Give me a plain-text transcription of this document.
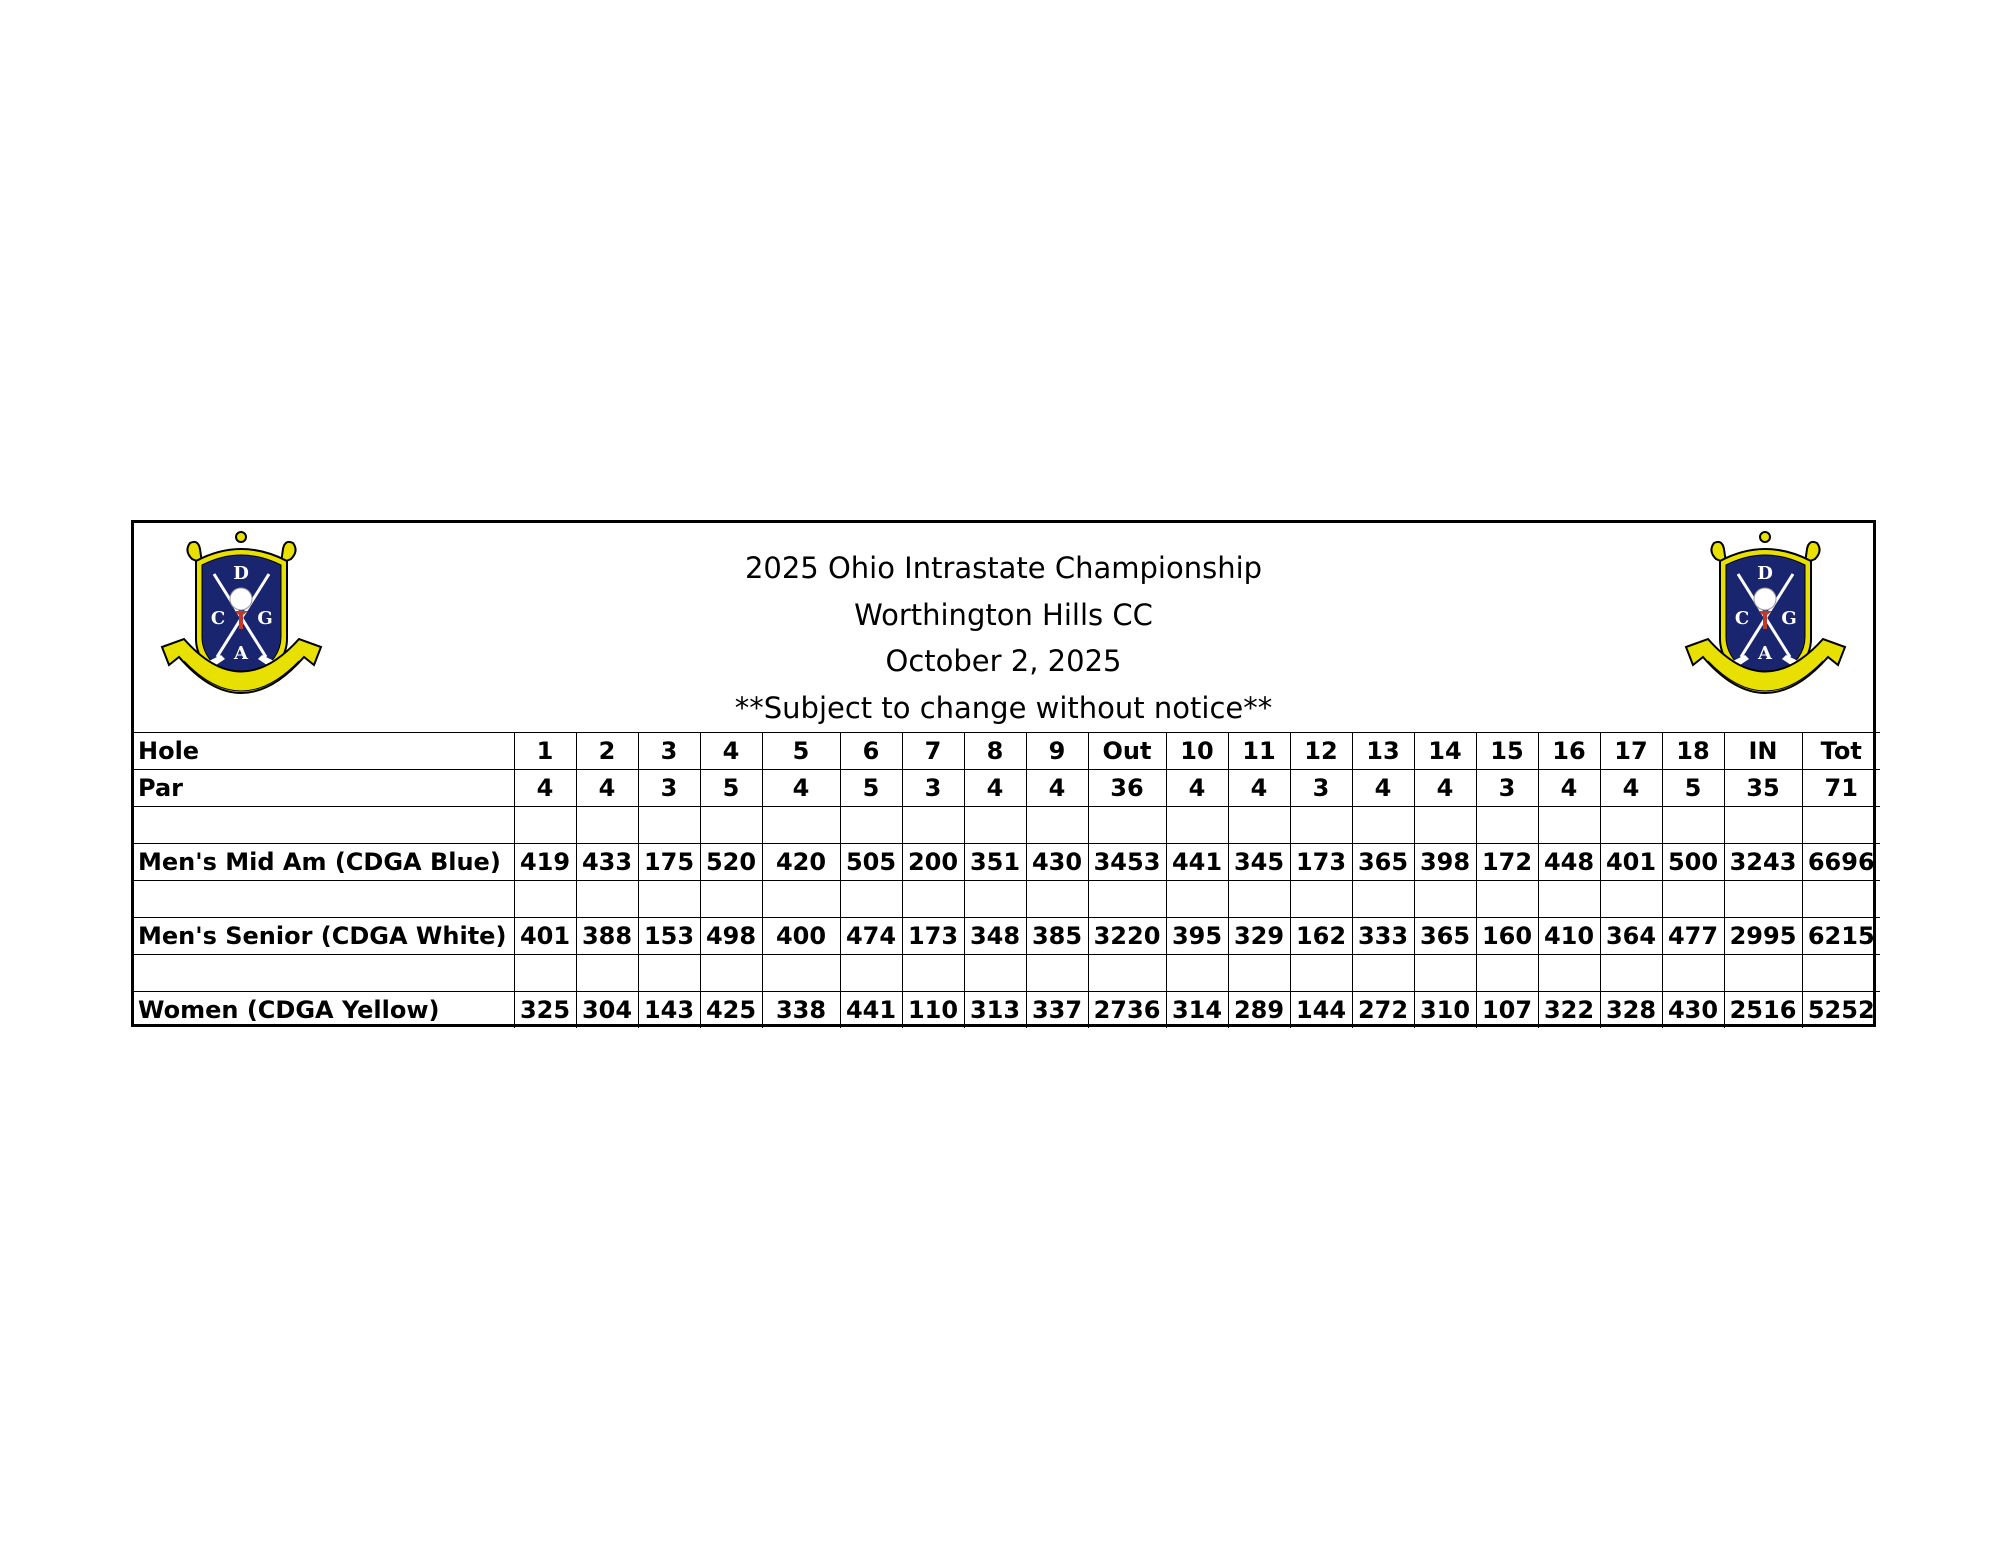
D
C G
A
2025 Ohio Intrastate Championship
Worthington Hills CC
October 2, 2025
**Subject to change without notice**
D
C G
A
Hole	1	2	3	4	5	6	7	8	9	Out	10	11	12	13	14	15	16	17	18	IN	Tot
Par	4	4	3	5	4	5	3	4	4	36	4	4	3	4	4	3	4	4	5	35	71

Men's Mid Am (CDGA Blue)	419	433	175	520	420	505	200	351	430	3453	441	345	173	365	398	172	448	401	500	3243	6696

Men's Senior (CDGA White)	401	388	153	498	400	474	173	348	385	3220	395	329	162	333	365	160	410	364	477	2995	6215

Women (CDGA Yellow)	325	304	143	425	338	441	110	313	337	2736	314	289	144	272	310	107	322	328	430	2516	5252
